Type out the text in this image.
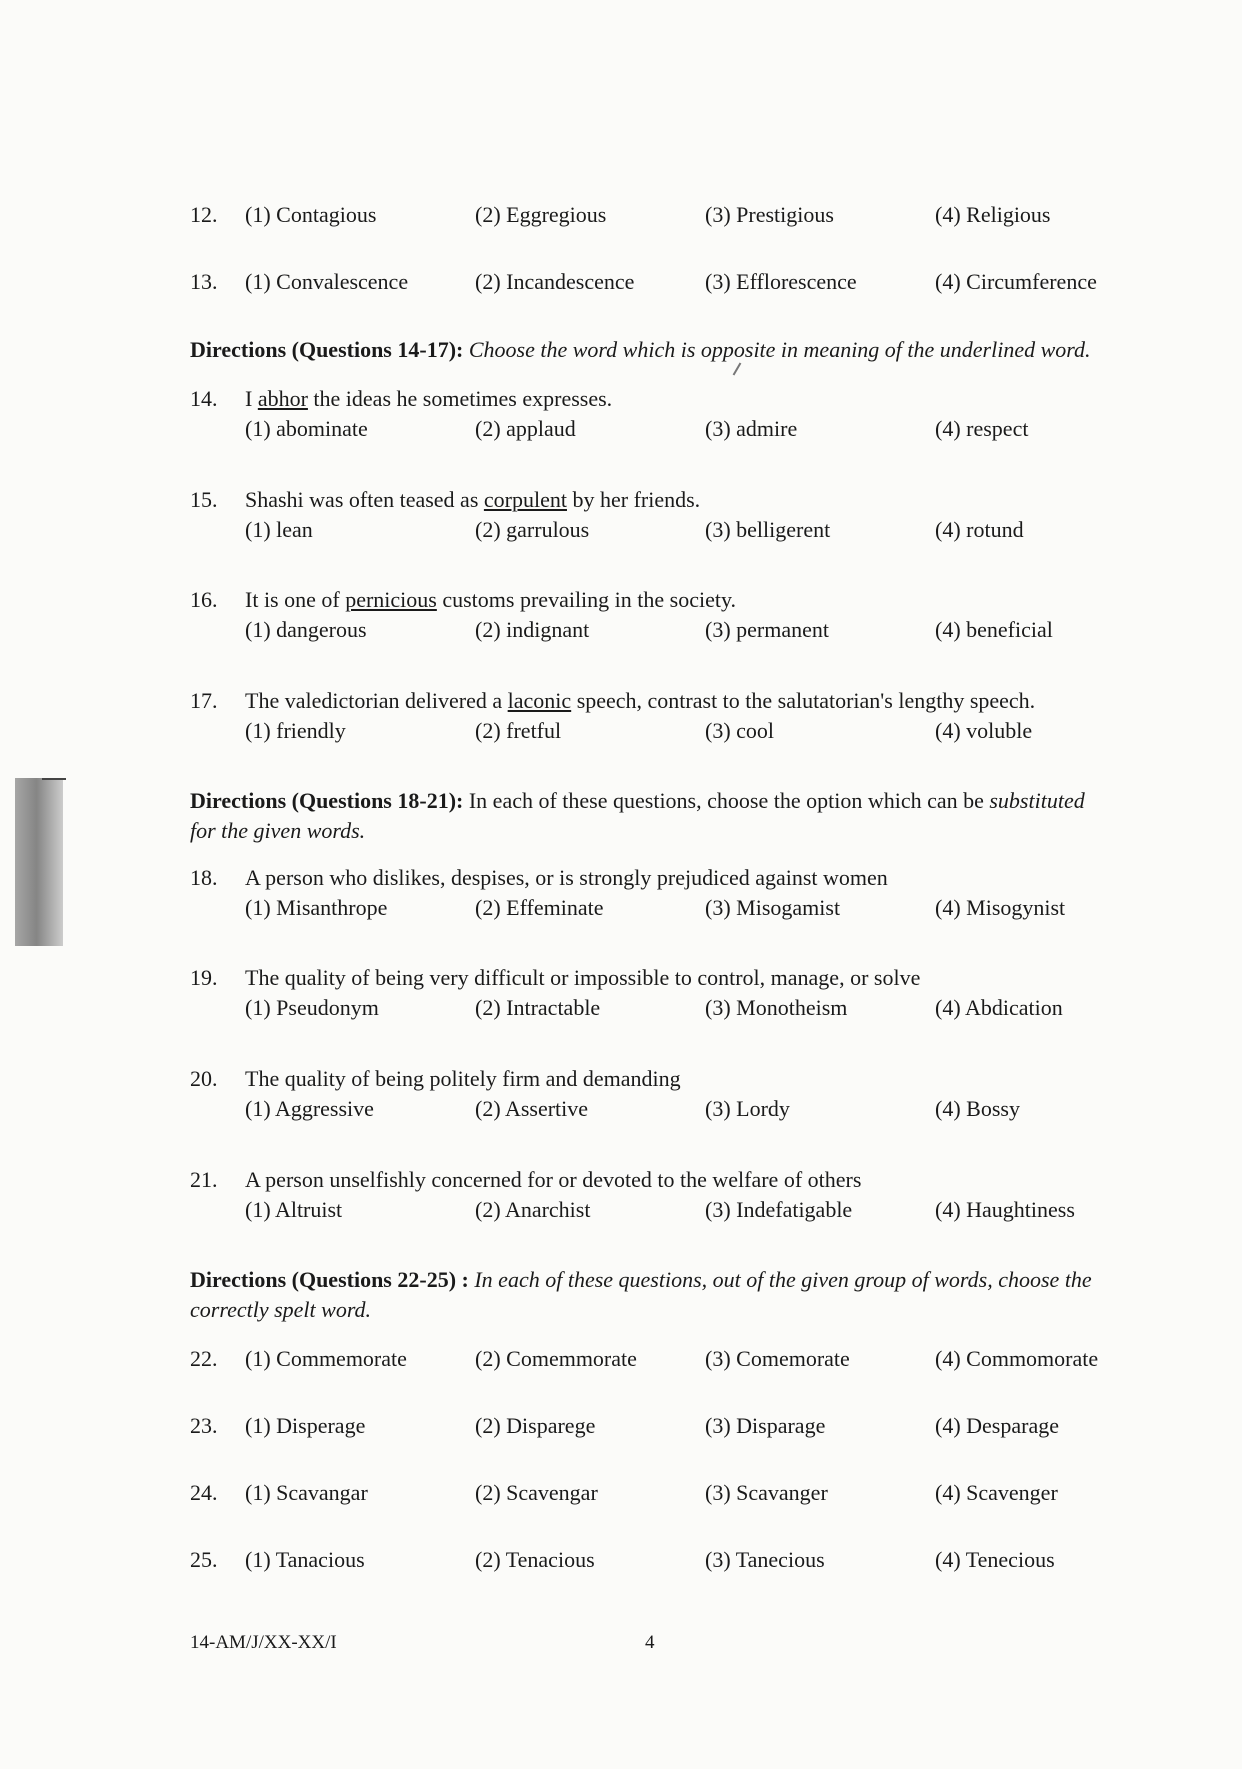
12. (1) Contagious	(2) Eggregious	(3) Prestigious	(4) Religious
13. (1) Convalescence	(2) Incandescence	(3) Efflorescence	(4) Circumference
Directions (Questions 14-17): Choose the word which is opposite in meaning of the underlined word.
14. I abhor the ideas he sometimes expresses.
(1) abominate	(2) applaud	(3) admire	(4) respect
15. Shashi was often teased as corpulent by her friends.
(1) lean	(2) garrulous	(3) belligerent	(4) rotund
16. It is one of pernicious customs prevailing in the society.
(1) dangerous	(2) indignant	(3) permanent	(4) beneficial
17. The valedictorian delivered a laconic speech, contrast to the salutatorian's lengthy speech.
(1) friendly	(2) fretful	(3) cool	(4) voluble
Directions (Questions 18-21): In each of these questions, choose the option which can be substituted
for the given words.
18. A person who dislikes, despises, or is strongly prejudiced against women
(1) Misanthrope	(2) Effeminate	(3) Misogamist	(4) Misogynist
19. The quality of being very difficult or impossible to control, manage, or solve
(1) Pseudonym	(2) Intractable	(3) Monotheism	(4) Abdication
20. The quality of being politely firm and demanding
(1) Aggressive	(2) Assertive	(3) Lordy	(4) Bossy
21. A person unselfishly concerned for or devoted to the welfare of others
(1) Altruist	(2) Anarchist	(3) Indefatigable	(4) Haughtiness
Directions (Questions 22-25) : In each of these questions, out of the given group of words, choose the
correctly spelt word.
22. (1) Commemorate	(2) Comemmorate	(3) Comemorate	(4) Commomorate
23. (1) Disperage	(2) Disparege	(3) Disparage	(4) Desparage
24. (1) Scavangar	(2) Scavengar	(3) Scavanger	(4) Scavenger
25. (1) Tanacious	(2) Tenacious	(3) Tanecious	(4) Tenecious
14-AM/J/XX-XX/I	4
